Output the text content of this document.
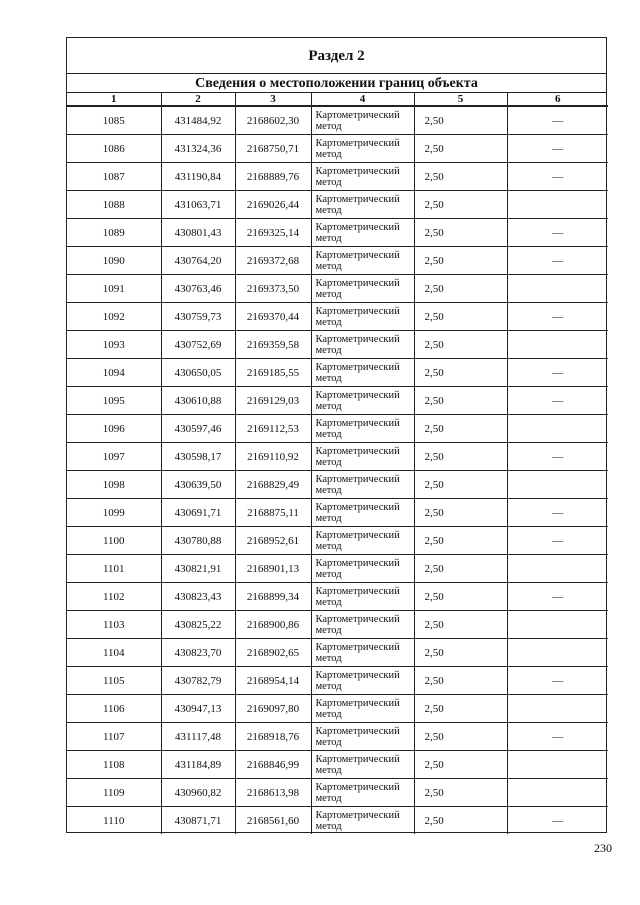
Раздел 2
Сведения о местоположении границ объекта
1	2	3	4	5	6
1085	431484,92	2168602,30	Картометрический метод	2,50	—
1086	431324,36	2168750,71	Картометрический метод	2,50	—
1087	431190,84	2168889,76	Картометрический метод	2,50	—
1088	431063,71	2169026,44	Картометрический метод	2,50	
1089	430801,43	2169325,14	Картометрический метод	2,50	—
1090	430764,20	2169372,68	Картометрический метод	2,50	—
1091	430763,46	2169373,50	Картометрический метод	2,50	
1092	430759,73	2169370,44	Картометрический метод	2,50	—
1093	430752,69	2169359,58	Картометрический метод	2,50	
1094	430650,05	2169185,55	Картометрический метод	2,50	—
1095	430610,88	2169129,03	Картометрический метод	2,50	—
1096	430597,46	2169112,53	Картометрический метод	2,50	
1097	430598,17	2169110,92	Картометрический метод	2,50	—
1098	430639,50	2168829,49	Картометрический метод	2,50	
1099	430691,71	2168875,11	Картометрический метод	2,50	—
1100	430780,88	2168952,61	Картометрический метод	2,50	—
1101	430821,91	2168901,13	Картометрический метод	2,50	
1102	430823,43	2168899,34	Картометрический метод	2,50	—
1103	430825,22	2168900,86	Картометрический метод	2,50	
1104	430823,70	2168902,65	Картометрический метод	2,50	
1105	430782,79	2168954,14	Картометрический метод	2,50	—
1106	430947,13	2169097,80	Картометрический метод	2,50	
1107	431117,48	2168918,76	Картометрический метод	2,50	—
1108	431184,89	2168846,99	Картометрический метод	2,50	
1109	430960,82	2168613,98	Картометрический метод	2,50	
1110	430871,71	2168561,60	Картометрический метод	2,50	—
230
